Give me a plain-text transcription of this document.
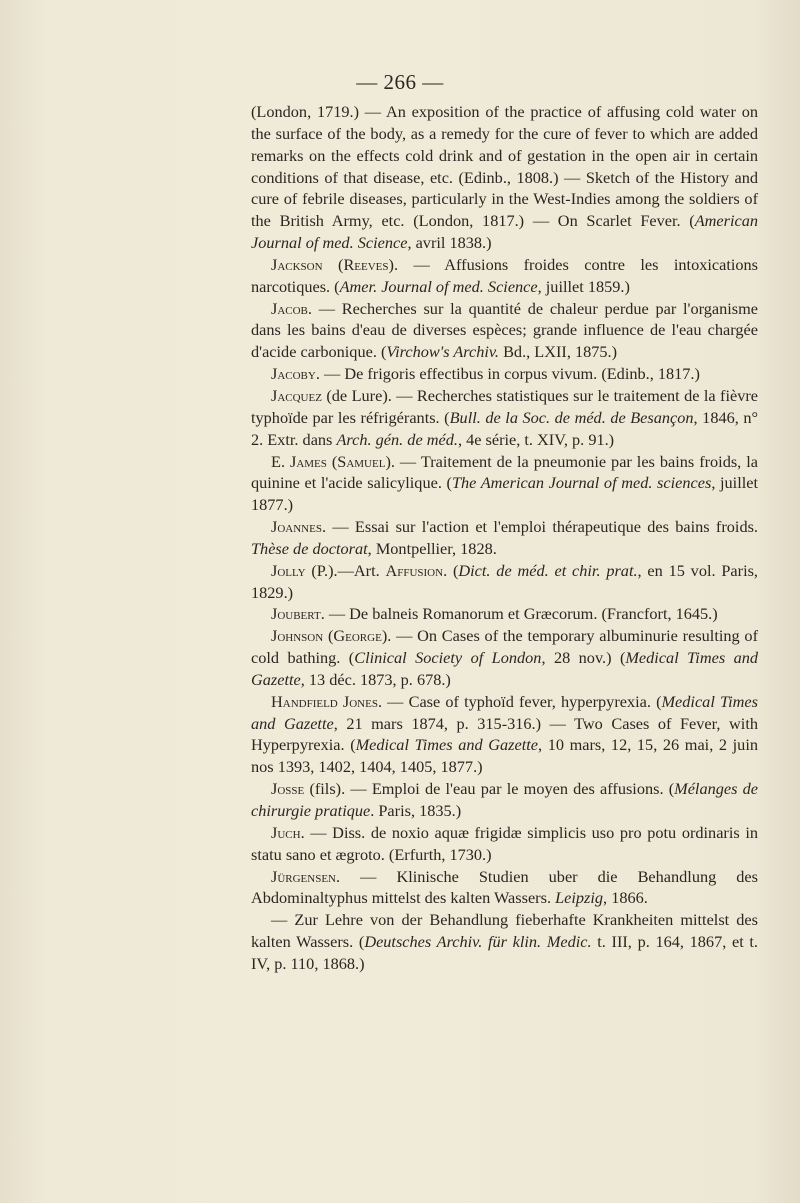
— 266 —

(London, 1719.) — An exposition of the practice of affusing cold water on the surface of the body, as a remedy for the cure of fever to which are added remarks on the effects cold drink and of gestation in the open air in certain conditions of that disease, etc. (Edinb., 1808.) — Sketch of the History and cure of febrile diseases, particularly in the West-Indies among the soldiers of the British Army, etc. (London, 1817.) — On Scarlet Fever. (American Journal of med. Science, avril 1838.)

Jackson (Reeves). — Affusions froides contre les intoxications narcotiques. (Amer. Journal of med. Science, juillet 1859.)

Jacob. — Recherches sur la quantité de chaleur perdue par l'organisme dans les bains d'eau de diverses espèces; grande influence de l'eau chargée d'acide carbonique. (Virchow's Archiv. Bd., LXII, 1875.)

Jacoby. — De frigoris effectibus in corpus vivum. (Edinb., 1817.)

Jacquez (de Lure). — Recherches statistiques sur le traitement de la fièvre typhoïde par les réfrigérants. (Bull. de la Soc. de méd. de Besançon, 1846, n° 2. Extr. dans Arch. gén. de méd., 4e série, t. XIV, p. 91.)

E. James (Samuel). — Traitement de la pneumonie par les bains froids, la quinine et l'acide salicylique. (The American Journal of med. sciences, juillet 1877.)

Joannes. — Essai sur l'action et l'emploi thérapeutique des bains froids. Thèse de doctorat, Montpellier, 1828.

Jolly (P.).—Art. Affusion. (Dict. de méd. et chir. prat., en 15 vol. Paris, 1829.)

Joubert. — De balneis Romanorum et Græcorum. (Francfort, 1645.)

Johnson (George). — On Cases of the temporary albuminurie resulting of cold bathing. (Clinical Society of London, 28 nov.) (Medical Times and Gazette, 13 déc. 1873, p. 678.)

Handfield Jones. — Case of typhoïd fever, hyperpyrexia. (Medical Times and Gazette, 21 mars 1874, p. 315-316.) — Two Cases of Fever, with Hyperpyrexia. (Medical Times and Gazette, 10 mars, 12, 15, 26 mai, 2 juin nos 1393, 1402, 1404, 1405, 1877.)

Josse (fils). — Emploi de l'eau par le moyen des affusions. (Mélanges de chirurgie pratique. Paris, 1835.)

Juch. — Diss. de noxio aquæ frigidæ simplicis uso pro potu ordinaris in statu sano et ægroto. (Erfurth, 1730.)

Jürgensen. — Klinische Studien uber die Behandlung des Abdominaltyphus mittelst des kalten Wassers. Leipzig, 1866.

— Zur Lehre von der Behandlung fieberhafte Krankheiten mittelst des kalten Wassers. (Deutsches Archiv. für klin. Medic. t. III, p. 164, 1867, et t. IV, p. 110, 1868.)
